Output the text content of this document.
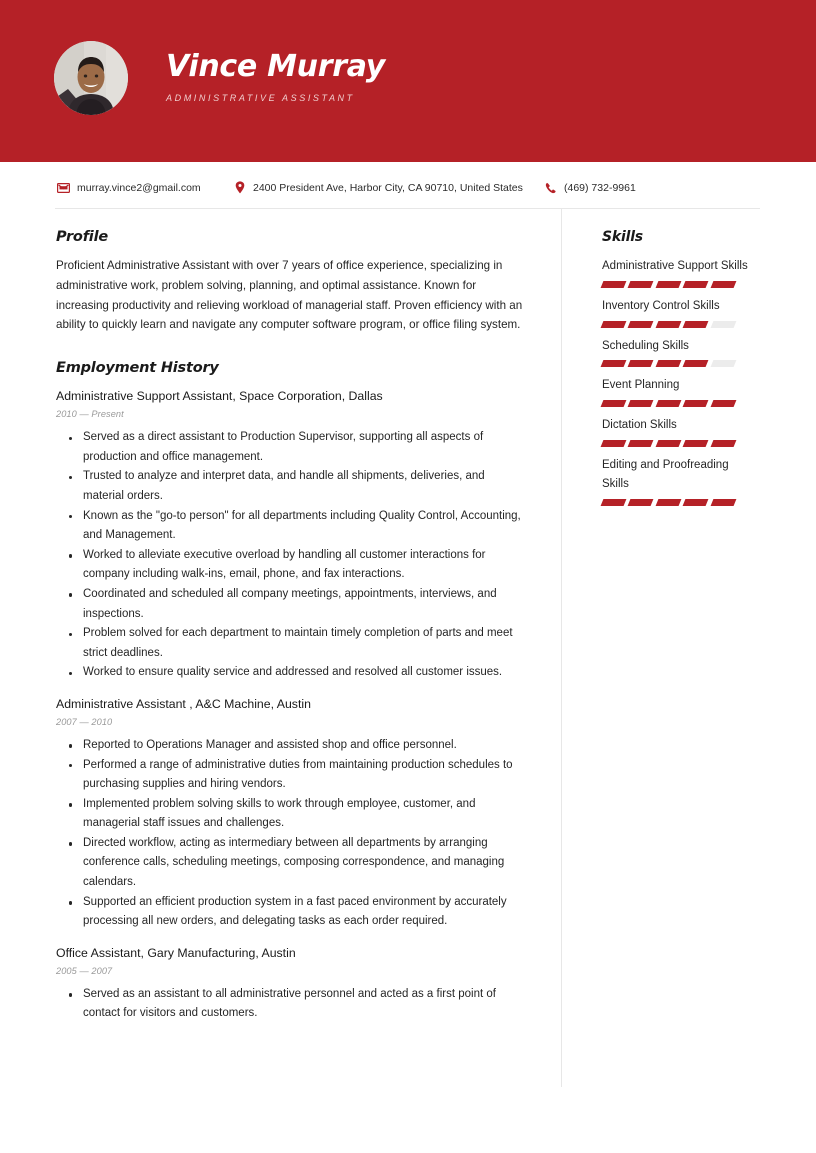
Vince Murray
ADMINISTRATIVE ASSISTANT
murray.vince2@gmail.com	2400 President Ave, Harbor City, CA 90710, United States	(469) 732-9961
Profile

Proficient Administrative Assistant with over 7 years of office experience, specializing in administrative work, problem solving, planning, and optimal assistance. Known for increasing productivity and relieving workload of managerial staff. Proven efficiency with an ability to quickly learn and navigate any computer software program, or office filing system.

Employment History
Administrative Support Assistant, Space Corporation, Dallas
2010 — Present
Served as a direct assistant to Production Supervisor, supporting all aspects of production and office management.
Trusted to analyze and interpret data, and handle all shipments, deliveries, and material orders.
Known as the "go-to person" for all departments including Quality Control, Accounting, and Management.
Worked to alleviate executive overload by handling all customer interactions for company including walk-ins, email, phone, and fax interactions.
Coordinated and scheduled all company meetings, appointments, interviews, and inspections.
Problem solved for each department to maintain timely completion of parts and meet strict deadlines.
Worked to ensure quality service and addressed and resolved all customer issues.
Administrative Assistant , A&C Machine, Austin
2007 — 2010
Reported to Operations Manager and assisted shop and office personnel.
Performed a range of administrative duties from maintaining production schedules to purchasing supplies and hiring vendors.
Implemented problem solving skills to work through employee, customer, and managerial staff issues and challenges.
Directed workflow, acting as intermediary between all departments by arranging conference calls, scheduling meetings, composing correspondence, and managing calendars.
Supported an efficient production system in a fast paced environment by accurately processing all new orders, and delegating tasks as each order required.
Office Assistant, Gary Manufacturing, Austin
2005 — 2007
Served as an assistant to all administrative personnel and acted as a first point of contact for visitors and customers.
Skills
Administrative Support Skills
Inventory Control Skills
Scheduling Skills
Event Planning
Dictation Skills
Editing and Proofreading Skills
